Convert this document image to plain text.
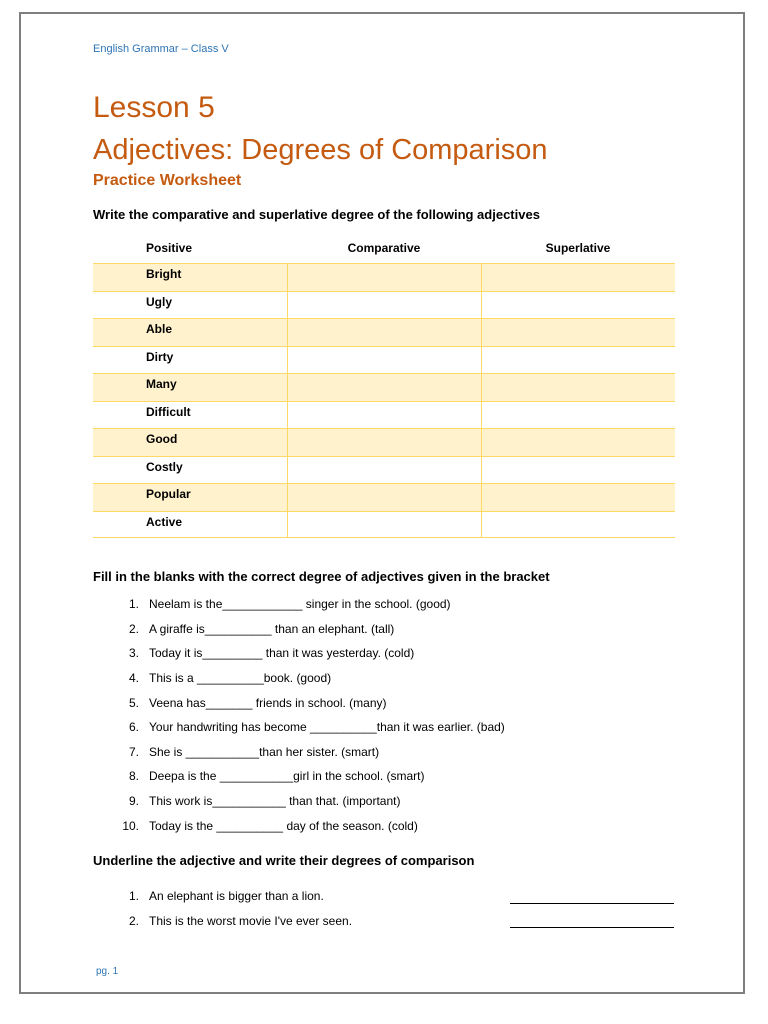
English Grammar – Class V
Lesson 5
Adjectives: Degrees of Comparison
Practice Worksheet
Write the comparative and superlative degree of the following adjectives
Positive	Comparative	Superlative
Bright
Ugly
Able
Dirty
Many
Difficult
Good
Costly
Popular
Active
Fill in the blanks with the correct degree of adjectives given in the bracket
1. Neelam is the____________ singer in the school. (good)
2. A giraffe is__________ than an elephant. (tall)
3. Today it is_________ than it was yesterday. (cold)
4. This is a __________book. (good)
5. Veena has_______ friends in school. (many)
6. Your handwriting has become __________than it was earlier. (bad)
7. She is ___________than her sister. (smart)
8. Deepa is the ___________girl in the school. (smart)
9. This work is___________ than that. (important)
10. Today is the __________ day of the season. (cold)
Underline the adjective and write their degrees of comparison
1. An elephant is bigger than a lion.
2. This is the worst movie I've ever seen.
pg. 1
